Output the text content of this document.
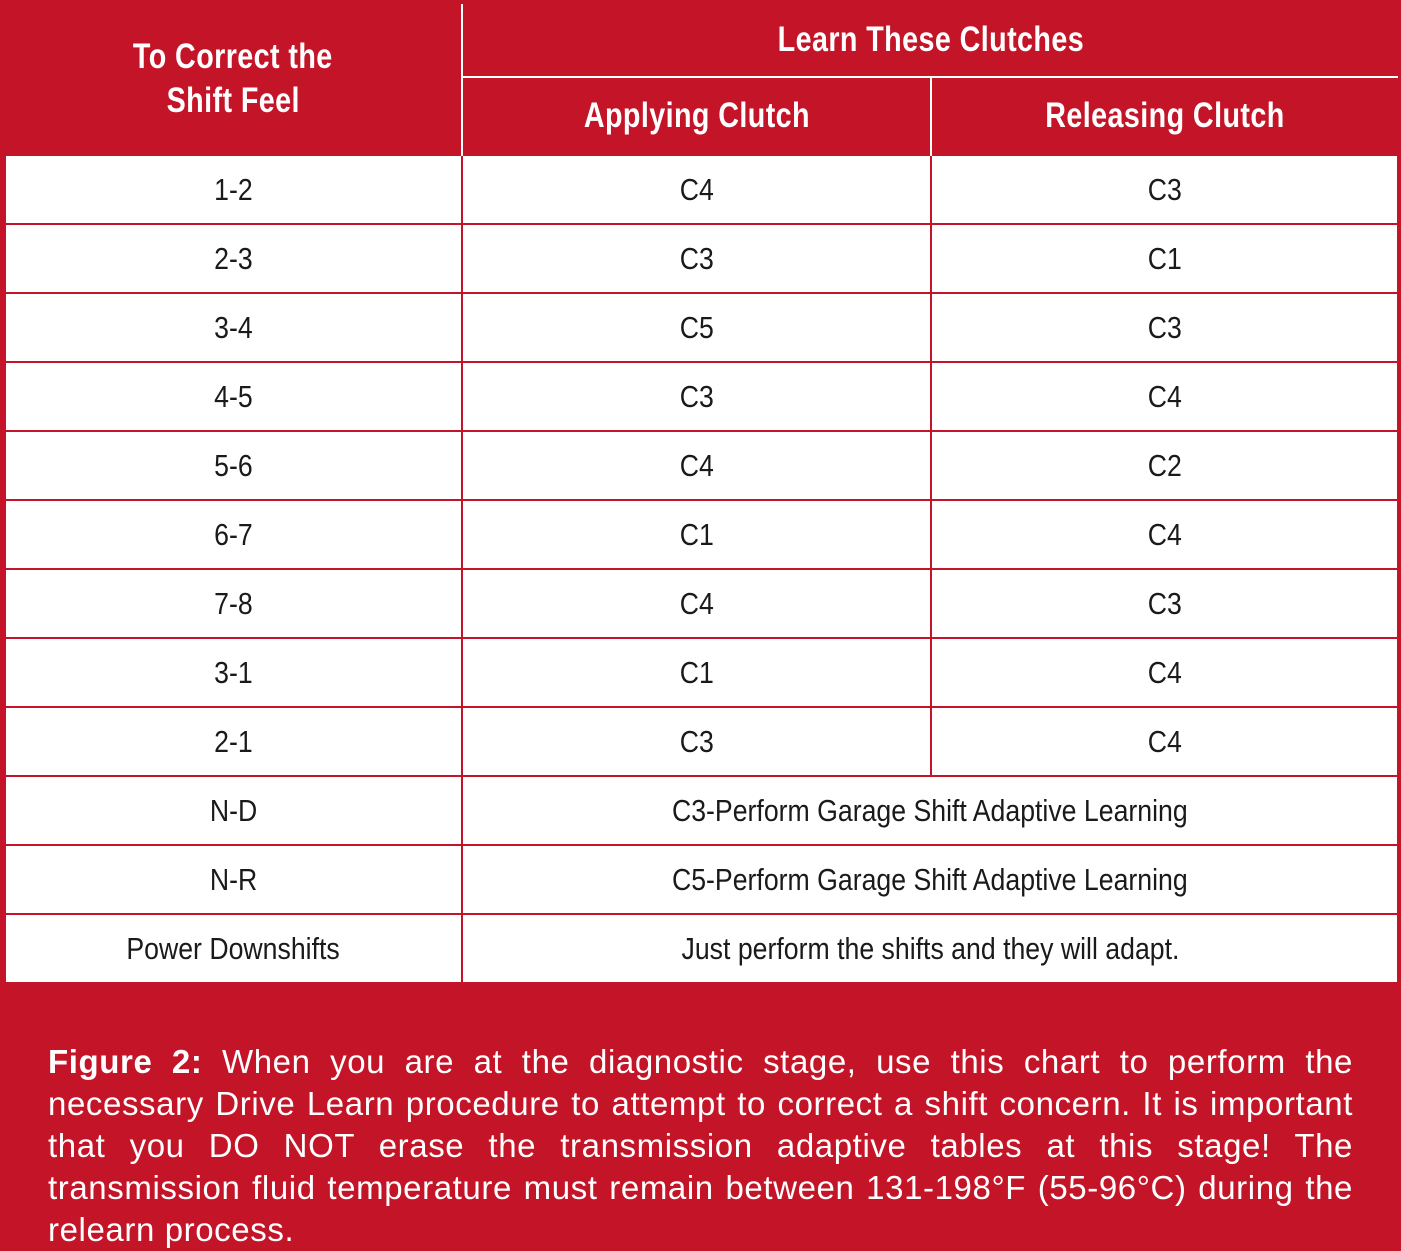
To Correct the
Shift Feel	Learn These Clutches	
	Applying Clutch	Releasing Clutch
1-2	C4	C3
2-3	C3	C1
3-4	C5	C3
4-5	C3	C4
5-6	C4	C2
6-7	C1	C4
7-8	C4	C3
3-1	C1	C4
2-1	C3	C4
N-D	C3-Perform Garage Shift Adaptive Learning	
N-R	C5-Perform Garage Shift Adaptive Learning	
Power Downshifts	Just perform the shifts and they will adapt.	

Figure 2: When you are at the diagnostic stage, use this chart to perform the necessary Drive Learn procedure to attempt to correct a shift concern. It is important that you DO NOT erase the transmission adaptive tables at this stage! The transmission fluid temperature must remain between 131-198°F (55-96°C) during the relearn process.
